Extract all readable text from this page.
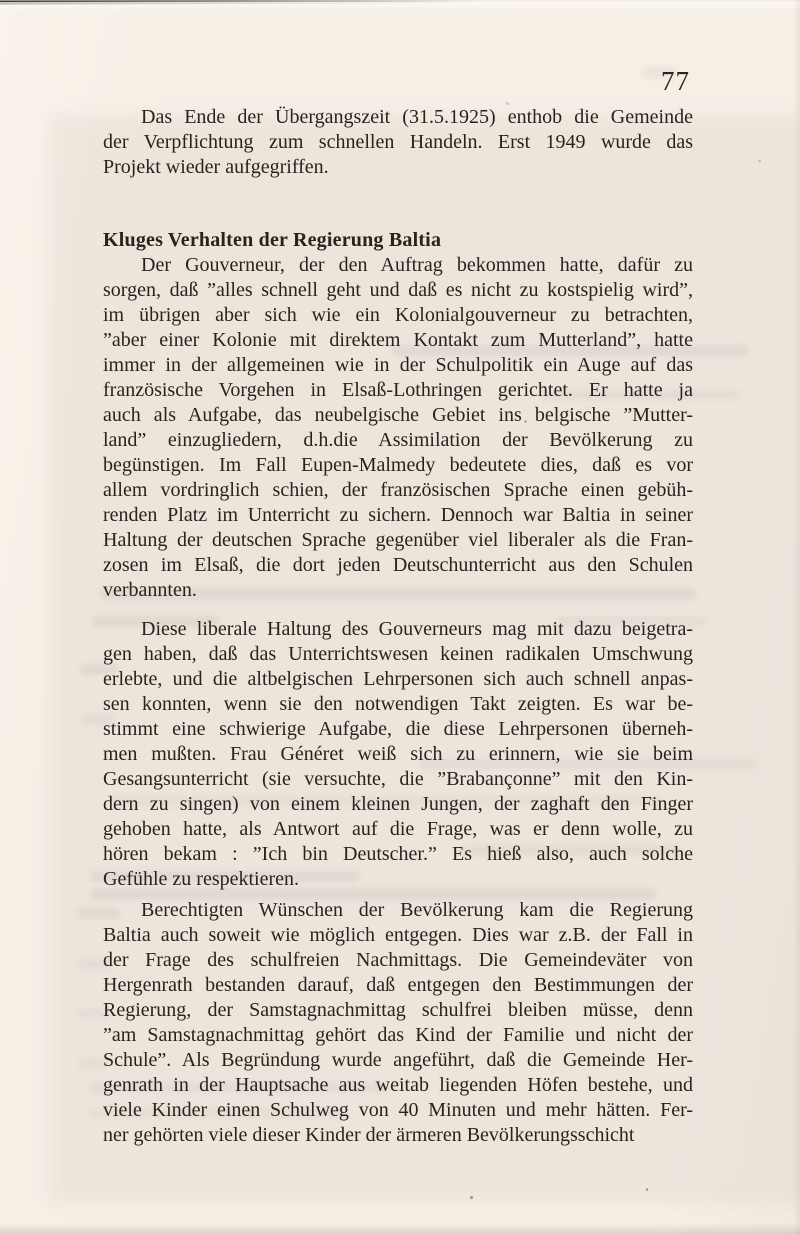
77
Das Ende der Übergangszeit (31.5.1925) enthob die Gemeinde
der Verpflichtung zum schnellen Handeln. Erst 1949 wurde das
Projekt wieder aufgegriffen.
Kluges Verhalten der Regierung Baltia
Der Gouverneur, der den Auftrag bekommen hatte, dafür zu
sorgen, daß ”alles schnell geht und daß es nicht zu kostspielig wird”,
im übrigen aber sich wie ein Kolonialgouverneur zu betrachten,
”aber einer Kolonie mit direktem Kontakt zum Mutterland”, hatte
immer in der allgemeinen wie in der Schulpolitik ein Auge auf das
französische Vorgehen in Elsaß-Lothringen gerichtet. Er hatte ja
auch als Aufgabe, das neubelgische Gebiet ins belgische ”Mutter-
land” einzugliedern, d.h.die Assimilation der Bevölkerung zu
begünstigen. Im Fall Eupen-Malmedy bedeutete dies, daß es vor
allem vordringlich schien, der französischen Sprache einen gebüh-
renden Platz im Unterricht zu sichern. Dennoch war Baltia in seiner
Haltung der deutschen Sprache gegenüber viel liberaler als die Fran-
zosen im Elsaß, die dort jeden Deutschunterricht aus den Schulen
verbannten.
Diese liberale Haltung des Gouverneurs mag mit dazu beigetra-
gen haben, daß das Unterrichtswesen keinen radikalen Umschwung
erlebte, und die altbelgischen Lehrpersonen sich auch schnell anpas-
sen konnten, wenn sie den notwendigen Takt zeigten. Es war be-
stimmt eine schwierige Aufgabe, die diese Lehrpersonen überneh-
men mußten. Frau Généret weiß sich zu erinnern, wie sie beim
Gesangsunterricht (sie versuchte, die ”Brabançonne” mit den Kin-
dern zu singen) von einem kleinen Jungen, der zaghaft den Finger
gehoben hatte, als Antwort auf die Frage, was er denn wolle, zu
hören bekam : ”Ich bin Deutscher.” Es hieß also, auch solche
Gefühle zu respektieren.
Berechtigten Wünschen der Bevölkerung kam die Regierung
Baltia auch soweit wie möglich entgegen. Dies war z.B. der Fall in
der Frage des schulfreien Nachmittags. Die Gemeindeväter von
Hergenrath bestanden darauf, daß entgegen den Bestimmungen der
Regierung, der Samstagnachmittag schulfrei bleiben müsse, denn
”am Samstagnachmittag gehört das Kind der Familie und nicht der
Schule”. Als Begründung wurde angeführt, daß die Gemeinde Her-
genrath in der Hauptsache aus weitab liegenden Höfen bestehe, und
viele Kinder einen Schulweg von 40 Minuten und mehr hätten. Fer-
ner gehörten viele dieser Kinder der ärmeren Bevölkerungsschicht
